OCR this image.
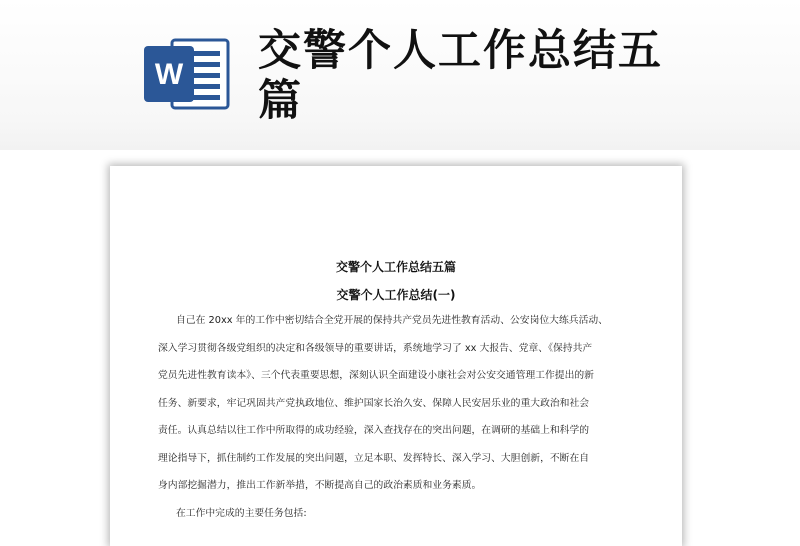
W 交警个人工作总结五篇

交警个人工作总结五篇

交警个人工作总结(一)

自己在 20xx 年的工作中密切结合全党开展的保持共产党员先进性教育活动、公安岗位大练兵活动、
深入学习贯彻各级党组织的决定和各级领导的重要讲话，系统地学习了 xx 大报告、党章、《保持共产
党员先进性教育读本》、三个代表重要思想，深刻认识全面建设小康社会对公安交通管理工作提出的新
任务、新要求，牢记巩固共产党执政地位、维护国家长治久安、保障人民安居乐业的重大政治和社会
责任。认真总结以往工作中所取得的成功经验，深入查找存在的突出问题，在调研的基础上和科学的
理论指导下，抓住制约工作发展的突出问题，立足本职、发挥特长、深入学习、大胆创新，不断在自
身内部挖掘潜力，推出工作新举措，不断提高自己的政治素质和业务素质。
在工作中完成的主要任务包括:
